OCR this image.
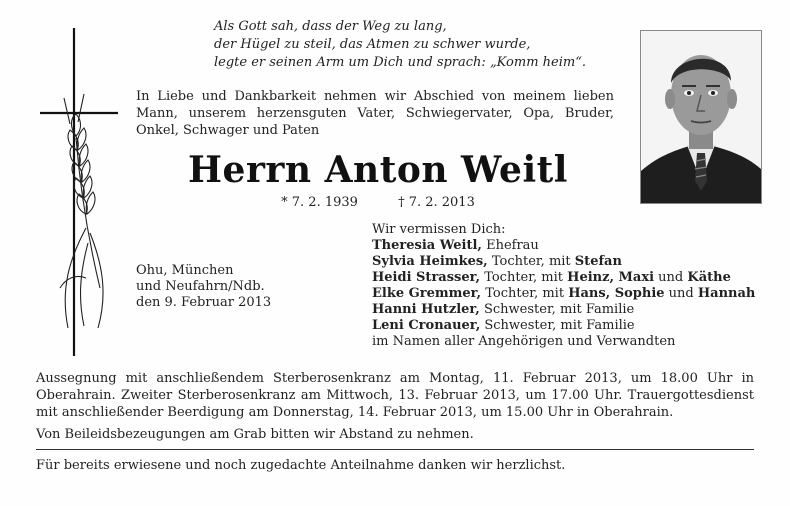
Als Gott sah, dass der Weg zu lang,
der Hügel zu steil, das Atmen zu schwer wurde,
legte er seinen Arm um Dich und sprach: „Komm heim“.
In Liebe und Dankbarkeit nehmen wir Abschied von meinem lieben Mann, unserem herzensguten Vater, Schwiegervater, Opa, Bruder, Onkel, Schwager und Paten
Herrn Anton Weitl
* 7. 2. 1939	† 7. 2. 2013
Ohu, München
und Neufahrn/Ndb.
den 9. Februar 2013
Wir vermissen Dich:
Theresia Weitl, Ehefrau
Sylvia Heimkes, Tochter, mit Stefan
Heidi Strasser, Tochter, mit Heinz, Maxi und Käthe
Elke Gremmer, Tochter, mit Hans, Sophie und Hannah
Hanni Hutzler, Schwester, mit Familie
Leni Cronauer, Schwester, mit Familie
im Namen aller Angehörigen und Verwandten
Aussegnung mit anschließendem Sterberosenkranz am Montag, 11. Februar 2013, um 18.00 Uhr in Oberahrain. Zweiter Sterberosenkranz am Mittwoch, 13. Februar 2013, um 17.00 Uhr. Trauergottesdienst mit anschließender Beerdigung am Donnerstag, 14. Februar 2013, um 15.00 Uhr in Oberahrain.
Von Beileidsbezeugungen am Grab bitten wir Abstand zu nehmen.
Für bereits erwiesene und noch zugedachte Anteilnahme danken wir herzlichst.
